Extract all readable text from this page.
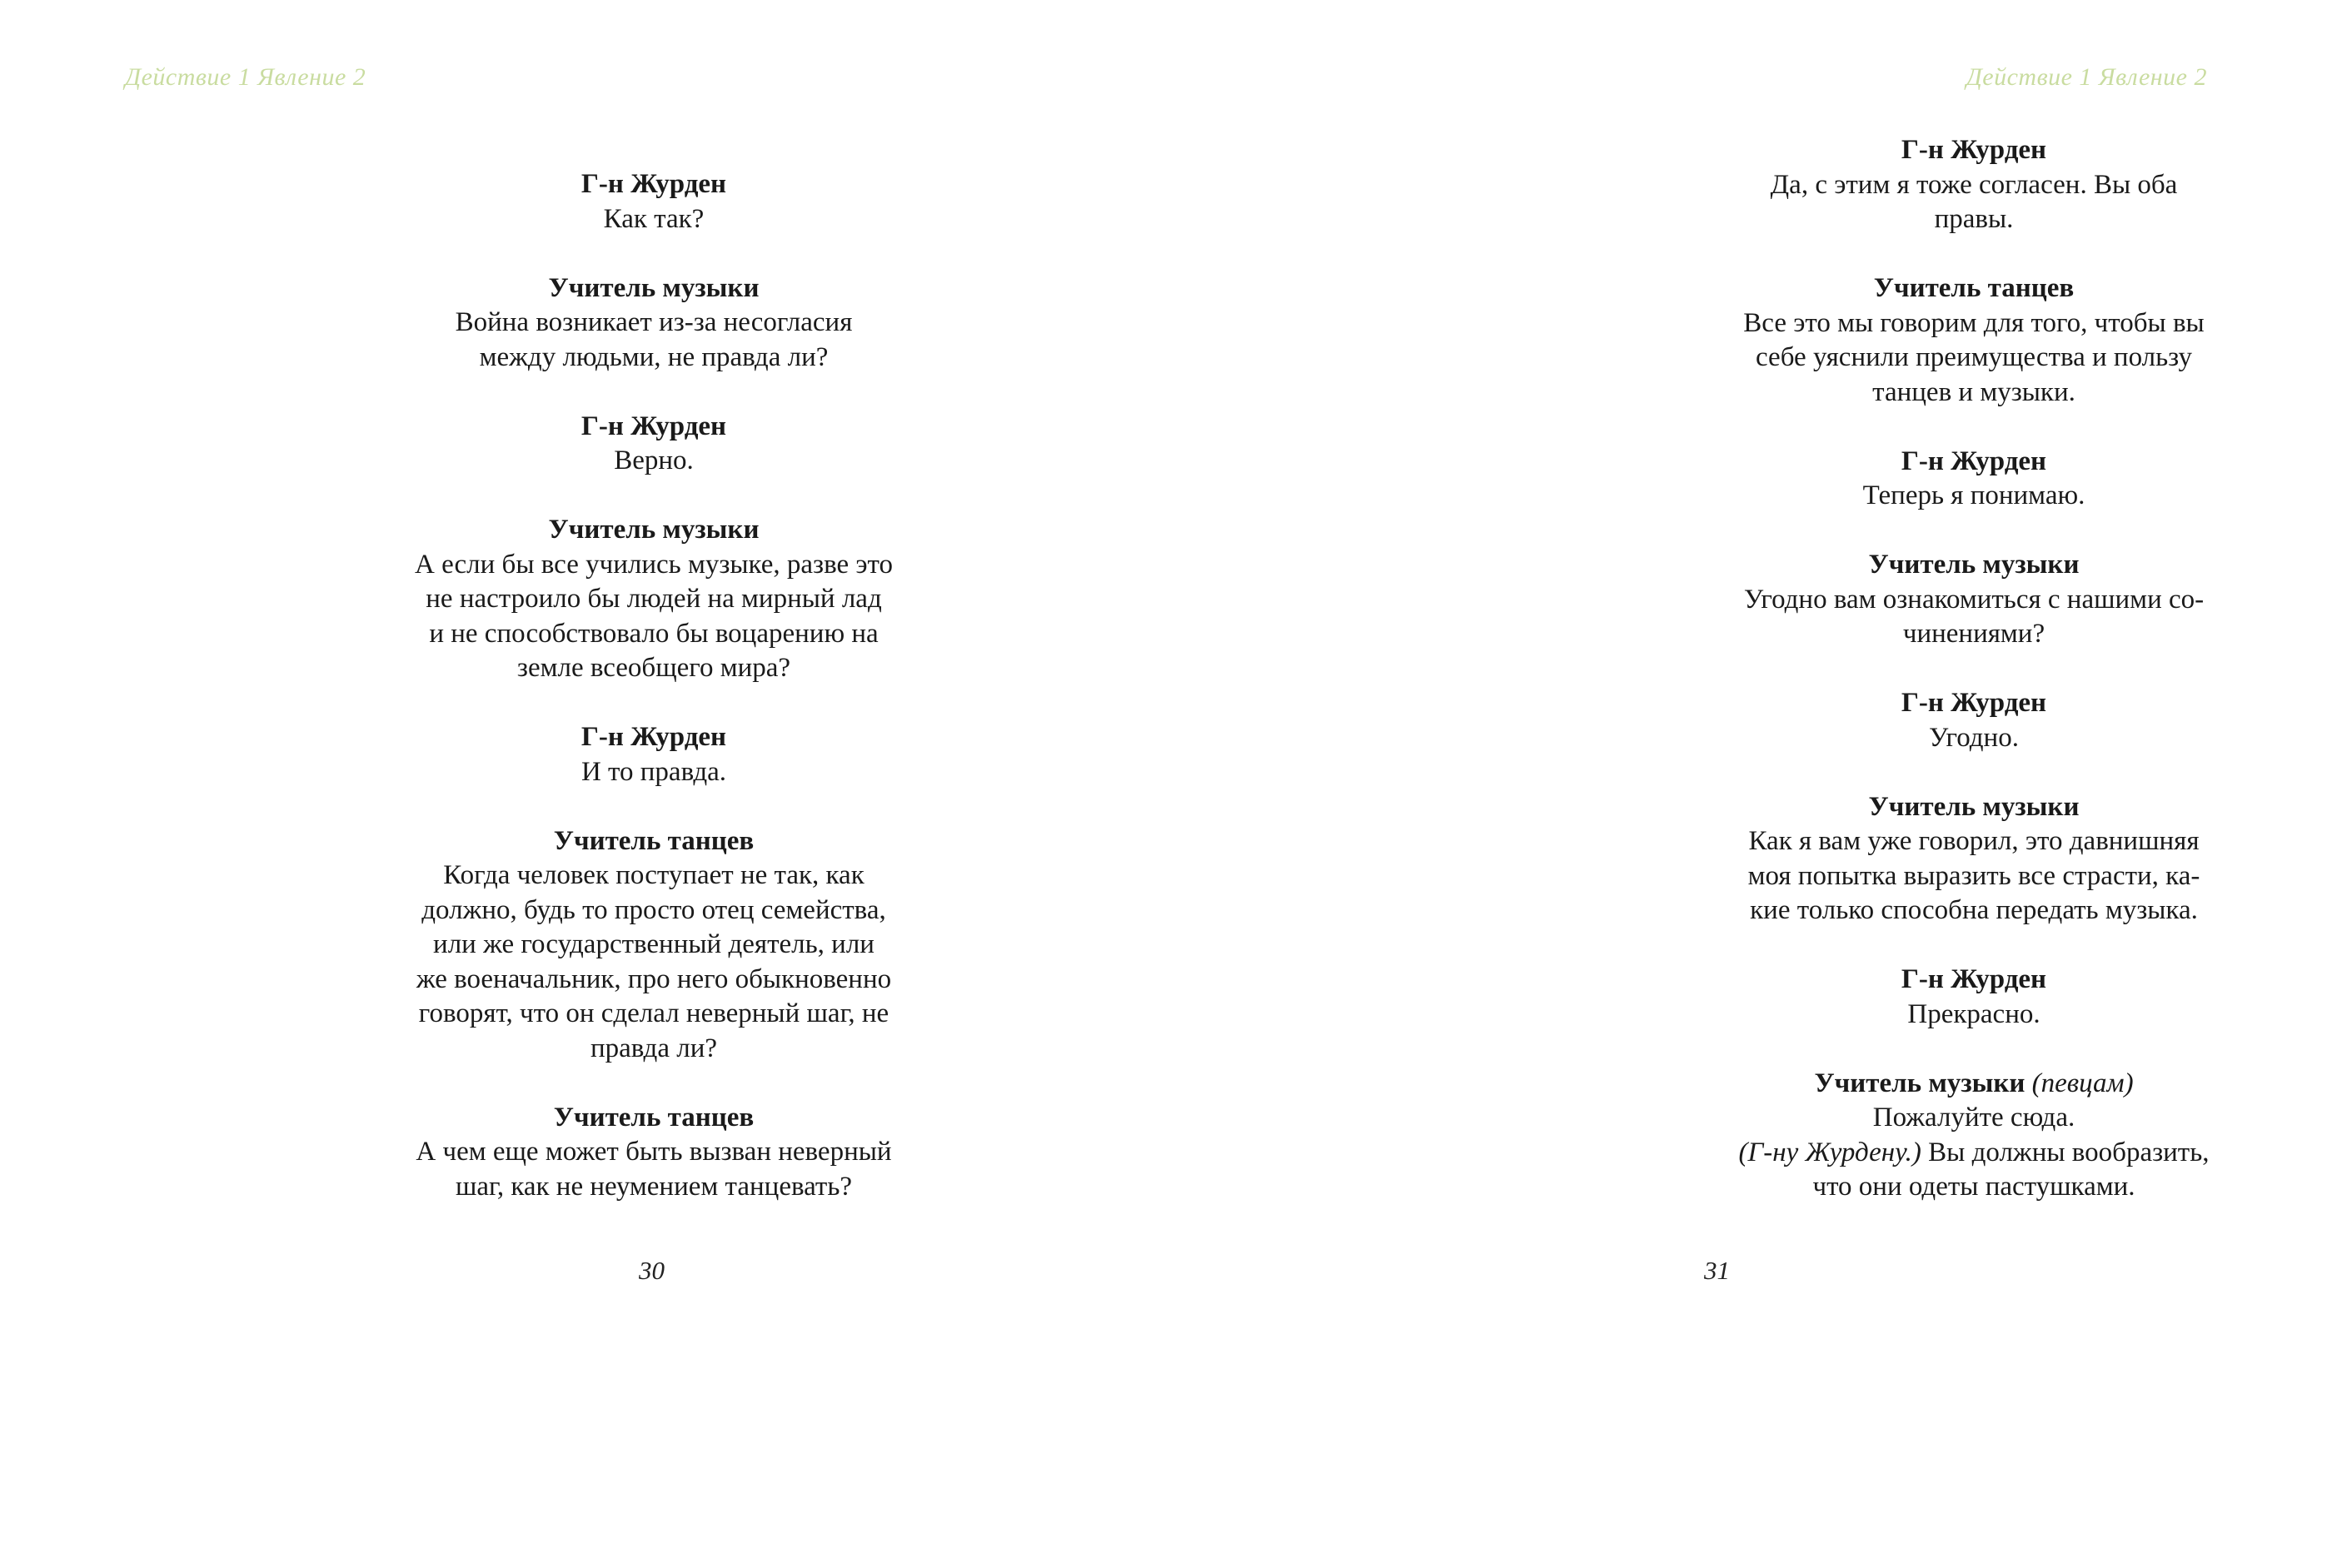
Действие 1 Явление 2
Г-н Журден
Как так?
Учитель музыки
Война возникает из-за несогласия
между людьми, не правда ли?
Г-н Журден
Верно.
Учитель музыки
А если бы все учились музыке, разве это
не настроило бы людей на мирный лад
и не способствовало бы воцарению на
земле всеобщего мира?
Г-н Журден
И то правда.
Учитель танцев
Когда человек поступает не так, как
должно, будь то просто отец семейства,
или же государственный деятель, или
же военачальник, про него обыкновенно
говорят, что он сделал неверный шаг, не
правда ли?
Учитель танцев
А чем еще может быть вызван неверный
шаг, как не неумением танцевать?
30
Действие 1 Явление 2
Г-н Журден
Да, с этим я тоже согласен. Вы оба
правы.
Учитель танцев
Все это мы говорим для того, чтобы вы
себе уяснили преимущества и пользу
танцев и музыки.
Г-н Журден
Теперь я понимаю.
Учитель музыки
Угодно вам ознакомиться с нашими со-
чинениями?
Г-н Журден
Угодно.
Учитель музыки
Как я вам уже говорил, это давнишняя
моя попытка выразить все страсти, ка-
кие только способна передать музыка.
Г-н Журден
Прекрасно.
Учитель музыки (певцам)
Пожалуйте сюда.
(Г-ну Журдену.) Вы должны вообразить,
что они одеты пастушками.
31
